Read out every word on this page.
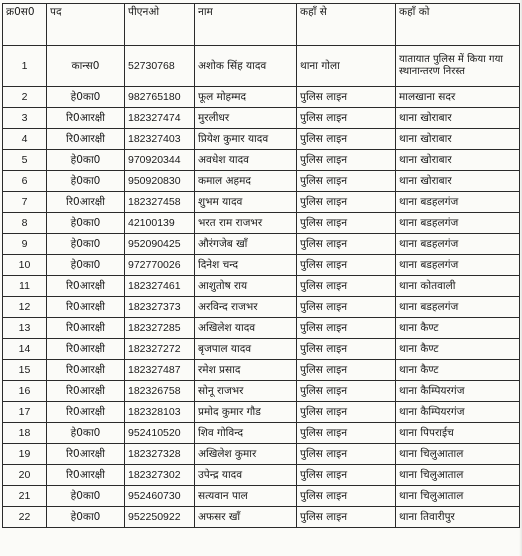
क्र0स0	पद	पीएनओ	नाम	कहाँ से	कहाँ को
1	कान्स0	52730768	अशोक सिंह यादव	थाना गोला	यातायात पुलिस में किया गया स्थानान्तरण निरस्त
2	हे0का0	982765180	फूल मोहम्मद	पुलिस लाइन	मालखाना सदर
3	रि0आरक्षी	182327474	मुरलीधर	पुलिस लाइन	थाना खोराबार
4	रि0आरक्षी	182327403	प्रियेश कुमार यादव	पुलिस लाइन	थाना खोराबार
5	हे0का0	970920344	अवधेश यादव	पुलिस लाइन	थाना खोराबार
6	हे0का0	950920830	कमाल अहमद	पुलिस लाइन	थाना खोराबार
7	रि0आरक्षी	182327458	शुभम यादव	पुलिस लाइन	थाना बडहलगंज
8	हे0का0	42100139	भरत राम राजभर	पुलिस लाइन	थाना बडहलगंज
9	हे0का0	952090425	औरंगजेब खाँ	पुलिस लाइन	थाना बडहलगंज
10	हे0का0	972770026	दिनेश चन्द	पुलिस लाइन	थाना बडहलगंज
11	रि0आरक्षी	182327461	आशुतोष राय	पुलिस लाइन	थाना कोतवाली
12	रि0आरक्षी	182327373	अरविन्द राजभर	पुलिस लाइन	थाना बडहलगंज
13	रि0आरक्षी	182327285	अखिलेश यादव	पुलिस लाइन	थाना कैण्ट
14	रि0आरक्षी	182327272	बृजपाल यादव	पुलिस लाइन	थाना कैण्ट
15	रि0आरक्षी	182327487	रमेश प्रसाद	पुलिस लाइन	थाना कैण्ट
16	रि0आरक्षी	182326758	सोनू राजभर	पुलिस लाइन	थाना कैम्पियरगंज
17	रि0आरक्षी	182328103	प्रमोद कुमार गौड	पुलिस लाइन	थाना कैम्पियरगंज
18	हे0का0	952410520	शिव गोविन्द	पुलिस लाइन	थाना पिपराईच
19	रि0आरक्षी	182327328	अखिलेश कुमार	पुलिस लाइन	थाना चिलुआताल
20	रि0आरक्षी	182327302	उपेन्द्र यादव	पुलिस लाइन	थाना चिलुआताल
21	हे0का0	952460730	सत्यवान पाल	पुलिस लाइन	थाना चिलुआताल
22	हे0का0	952250922	अफसर खाँ	पुलिस लाइन	थाना तिवारीपुर
